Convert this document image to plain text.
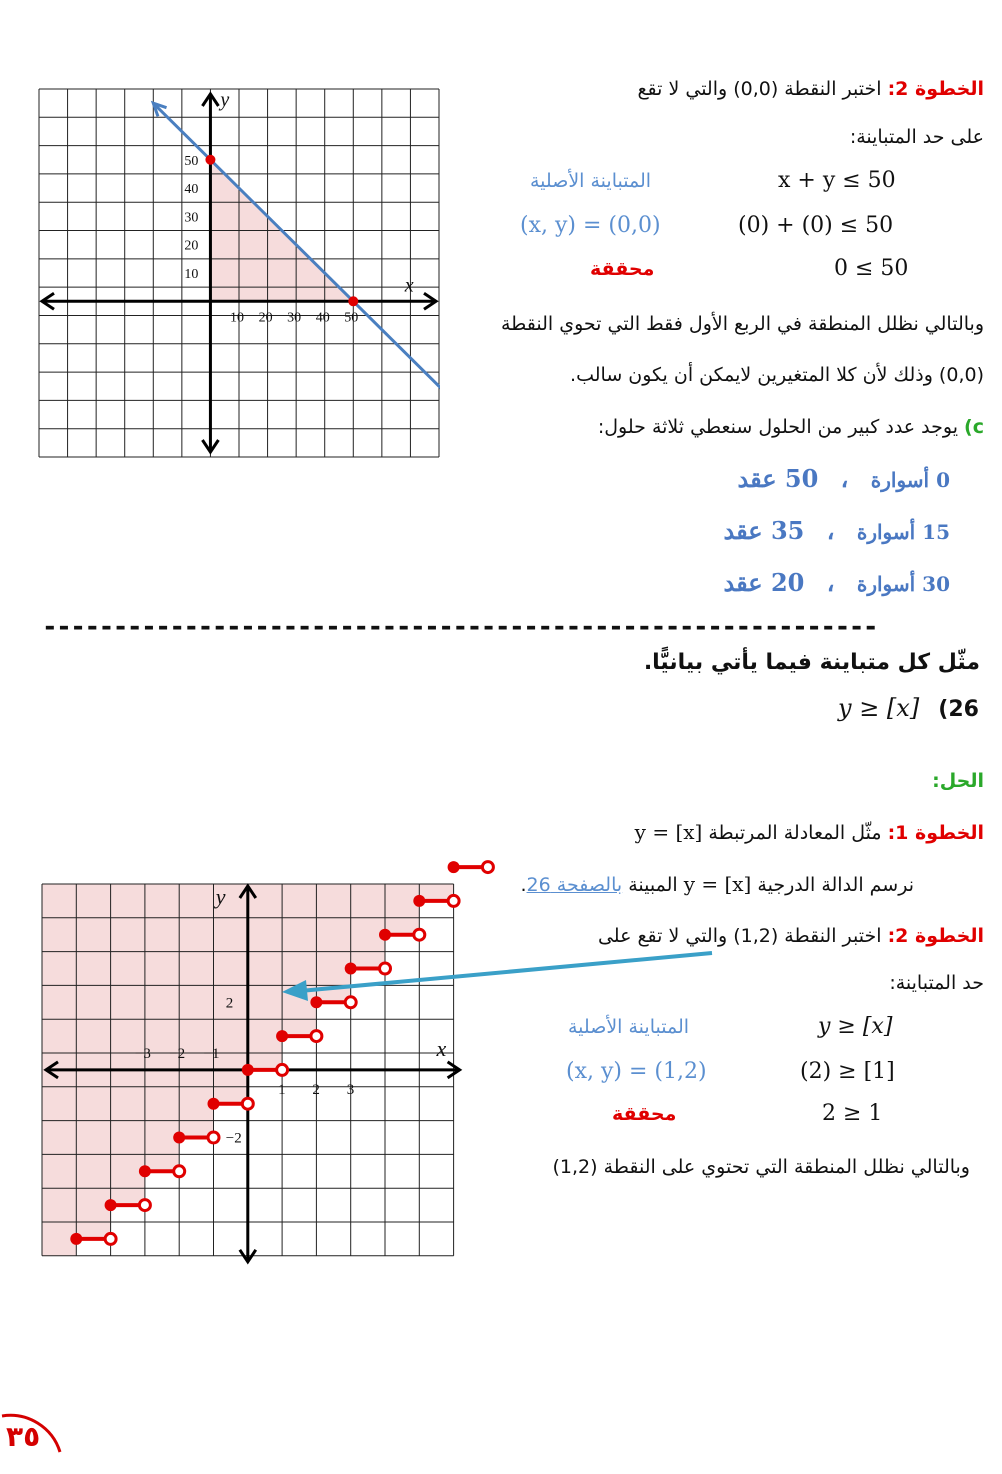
10 20 30 40 50
10
20
30
40
50
x
y	الخطوة 2: اختبر النقطة (0,0) والتي لا تقع
على حد المتباينة:
x + y ≤ 50
المتباينة الأصلية
(0) + (0) ≤ 50
(x, y) = (0,0)
0 ≤ 50
محققة
وبالتالي نظلل المنطقة في الربع الأول فقط التي تحوي النقطة
(0,0) وذلك لأن كلا المتغيرين لايمكن أن يكون سالب.
c) يوجد عدد كبير من الحلول سنعطي ثلاثة حلول:
0 أسوارة ، 50 عقد
15 أسوارة ، 35 عقد
30 أسوارة ، 20 عقد
-----------------------------------------------------------
مثّل كل متباينة فيما يأتي بيانيًّا.
y ≥ [x] (26
الحل:
الخطوة 1: مثّل المعادلة المرتبطة y = [x]
نرسم الدالة الدرجية y = [x] المبينة بالصفحة 26.
الخطوة 2: اختبر النقطة (1,2) والتي لا تقع على
حد المتباينة:
y ≥ [x]
المتباينة الأصلية
(2) ≥ [1]
(x, y) = (1,2)
2 ≥ 1
محققة
وبالتالي نظلل المنطقة التي تحتوي على النقطة (1,2)
−3 −2 −1
1 2 3
2
−2
x
y
٣٥
